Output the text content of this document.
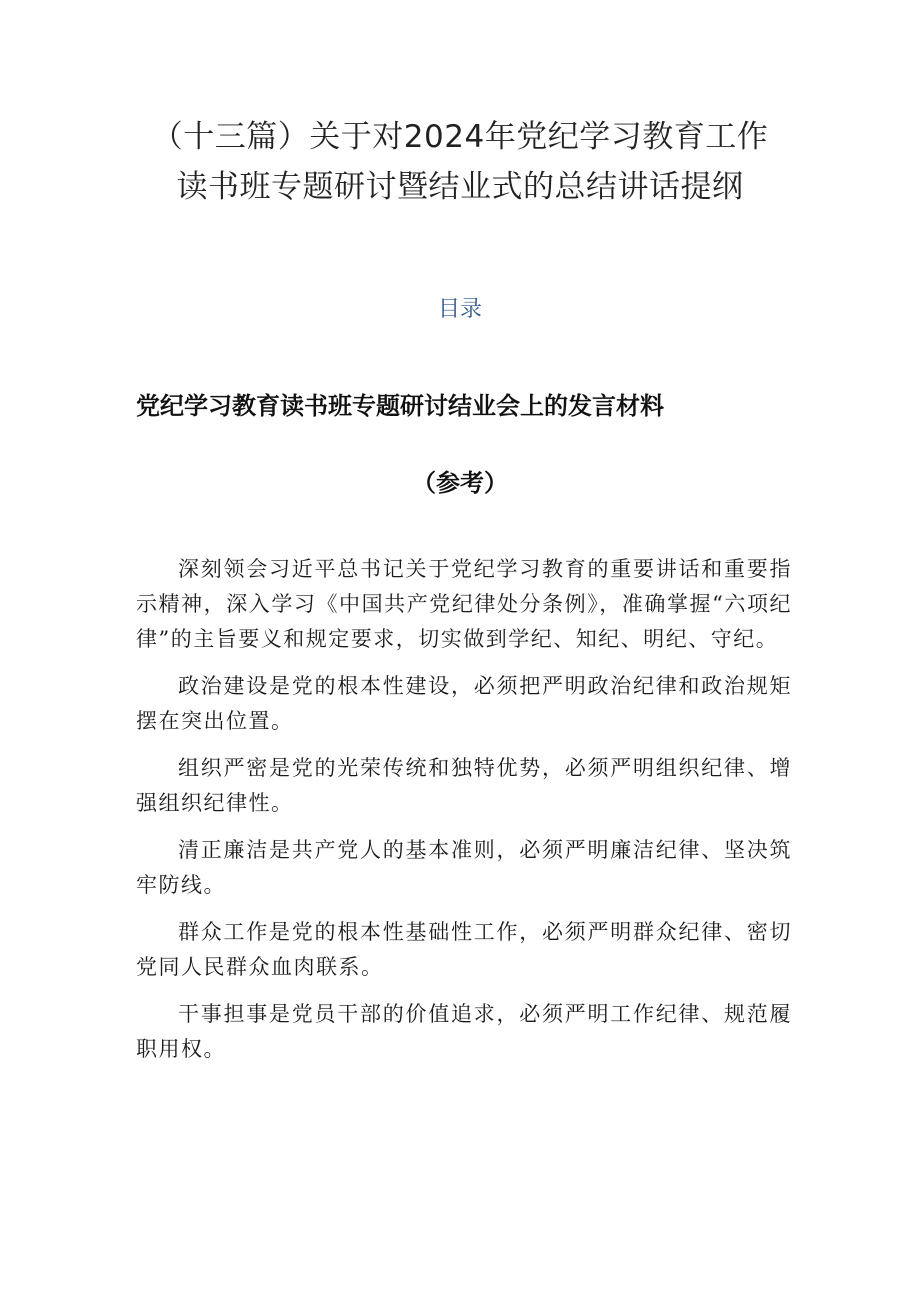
（十三篇）关于对2024年党纪学习教育工作读书班专题研讨暨结业式的总结讲话提纲
目录
党纪学习教育读书班专题研讨结业会上的发言材料
（参考）

深刻领会习近平总书记关于党纪学习教育的重要讲话和重要指示精神，深入学习《中国共产党纪律处分条例》，准确掌握“六项纪律”的主旨要义和规定要求，切实做到学纪、知纪、明纪、守纪。

政治建设是党的根本性建设，必须把严明政治纪律和政治规矩摆在突出位置。

组织严密是党的光荣传统和独特优势，必须严明组织纪律、增强组织纪律性。

清正廉洁是共产党人的基本准则，必须严明廉洁纪律、坚决筑牢防线。

群众工作是党的根本性基础性工作，必须严明群众纪律、密切党同人民群众血肉联系。

干事担事是党员干部的价值追求，必须严明工作纪律、规范履职用权。
